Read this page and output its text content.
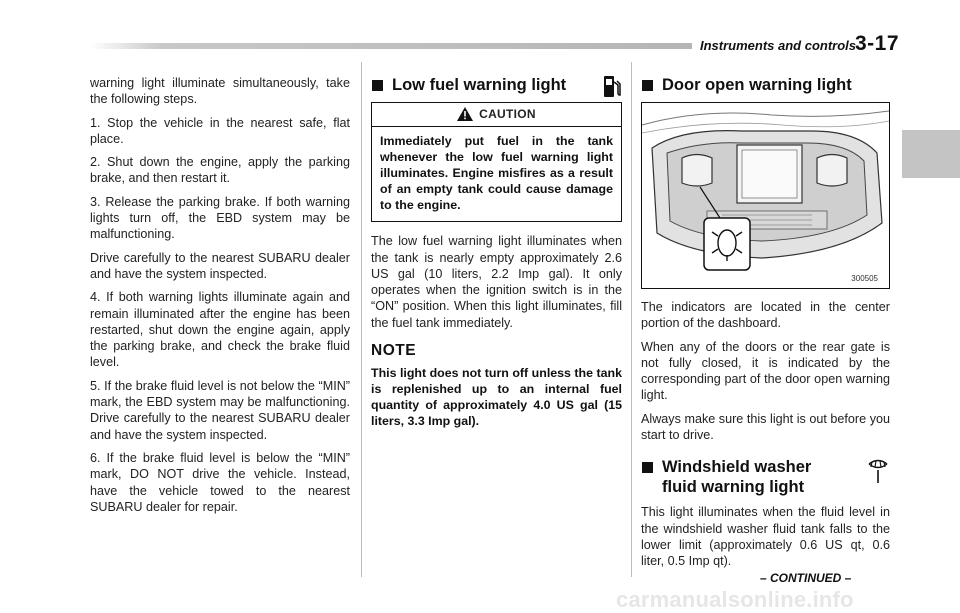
Instruments and controls
3-17

warning light illuminate simultaneously, take the following steps.

1. Stop the vehicle in the nearest safe, flat place.

2. Shut down the engine, apply the parking brake, and then restart it.

3. Release the parking brake. If both warning lights turn off, the EBD system may be malfunctioning.

Drive carefully to the nearest SUBARU dealer and have the system inspected.

4. If both warning lights illuminate again and remain illuminated after the engine has been restarted, shut down the engine again, apply the parking brake, and check the brake fluid level.

5. If the brake fluid level is not below the “MIN” mark, the EBD system may be malfunctioning. Drive carefully to the nearest SUBARU dealer and have the system inspected.

6. If the brake fluid level is below the “MIN” mark, DO NOT drive the vehicle. Instead, have the vehicle towed to the nearest SUBARU dealer for repair.

Low fuel warning light
CAUTION
Immediately put fuel in the tank whenever the low fuel warning light illuminates. Engine misfires as a result of an empty tank could cause damage to the engine.

The low fuel warning light illuminates when the tank is nearly empty approximately 2.6 US gal (10 liters, 2.2 Imp gal). It only operates when the ignition switch is in the “ON” position. When this light illuminates, fill the fuel tank immediately.

NOTE
This light does not turn off unless the tank is replenished up to an internal fuel quantity of approximately 4.0 US gal (15 liters, 3.3 Imp gal).
Door open warning light
300505

The indicators are located in the center portion of the dashboard.

When any of the doors or the rear gate is not fully closed, it is indicated by the corresponding part of the door open warning light.

Always make sure this light is out before you start to drive.

Windshield washer fluid warning light

This light illuminates when the fluid level in the windshield washer fluid tank falls to the lower limit (approximately 0.6 US qt, 0.6 liter, 0.5 Imp qt).

– CONTINUED –
carmanualsonline.info
